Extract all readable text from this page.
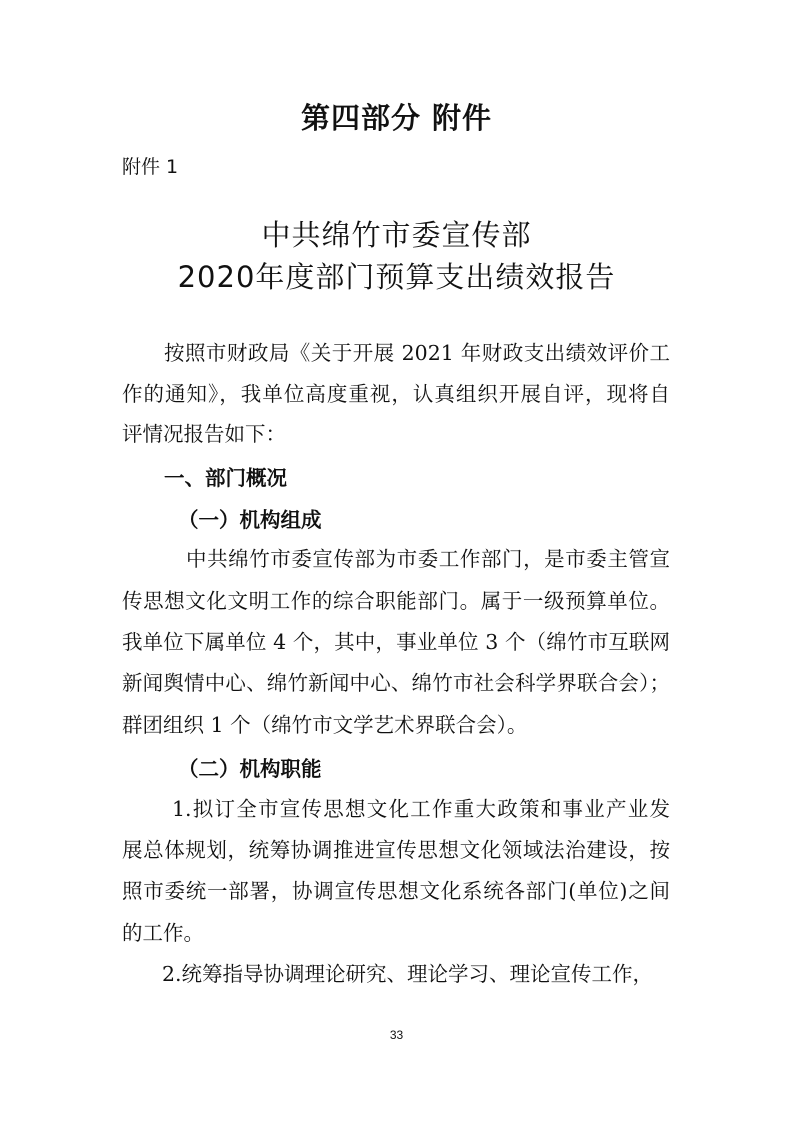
第四部分 附件
附件 1
中共绵竹市委宣传部
2020年度部门预算支出绩效报告
按照市财政局《关于开展 2021 年财政支出绩效评价工
作的通知》，我单位高度重视，认真组织开展自评，现将自
评情况报告如下：
一、部门概况
（一）机构组成
中共绵竹市委宣传部为市委工作部门，是市委主管宣
传思想文化文明工作的综合职能部门。属于一级预算单位。
我单位下属单位 4 个，其中，事业单位 3 个（绵竹市互联网
新闻舆情中心、绵竹新闻中心、绵竹市社会科学界联合会）；
群团组织 1 个（绵竹市文学艺术界联合会）。
（二）机构职能
1.拟订全市宣传思想文化工作重大政策和事业产业发
展总体规划，统筹协调推进宣传思想文化领域法治建设，按
照市委统一部署，协调宣传思想文化系统各部门(单位)之间
的工作。
2.统筹指导协调理论研究、理论学习、理论宣传工作，
33
